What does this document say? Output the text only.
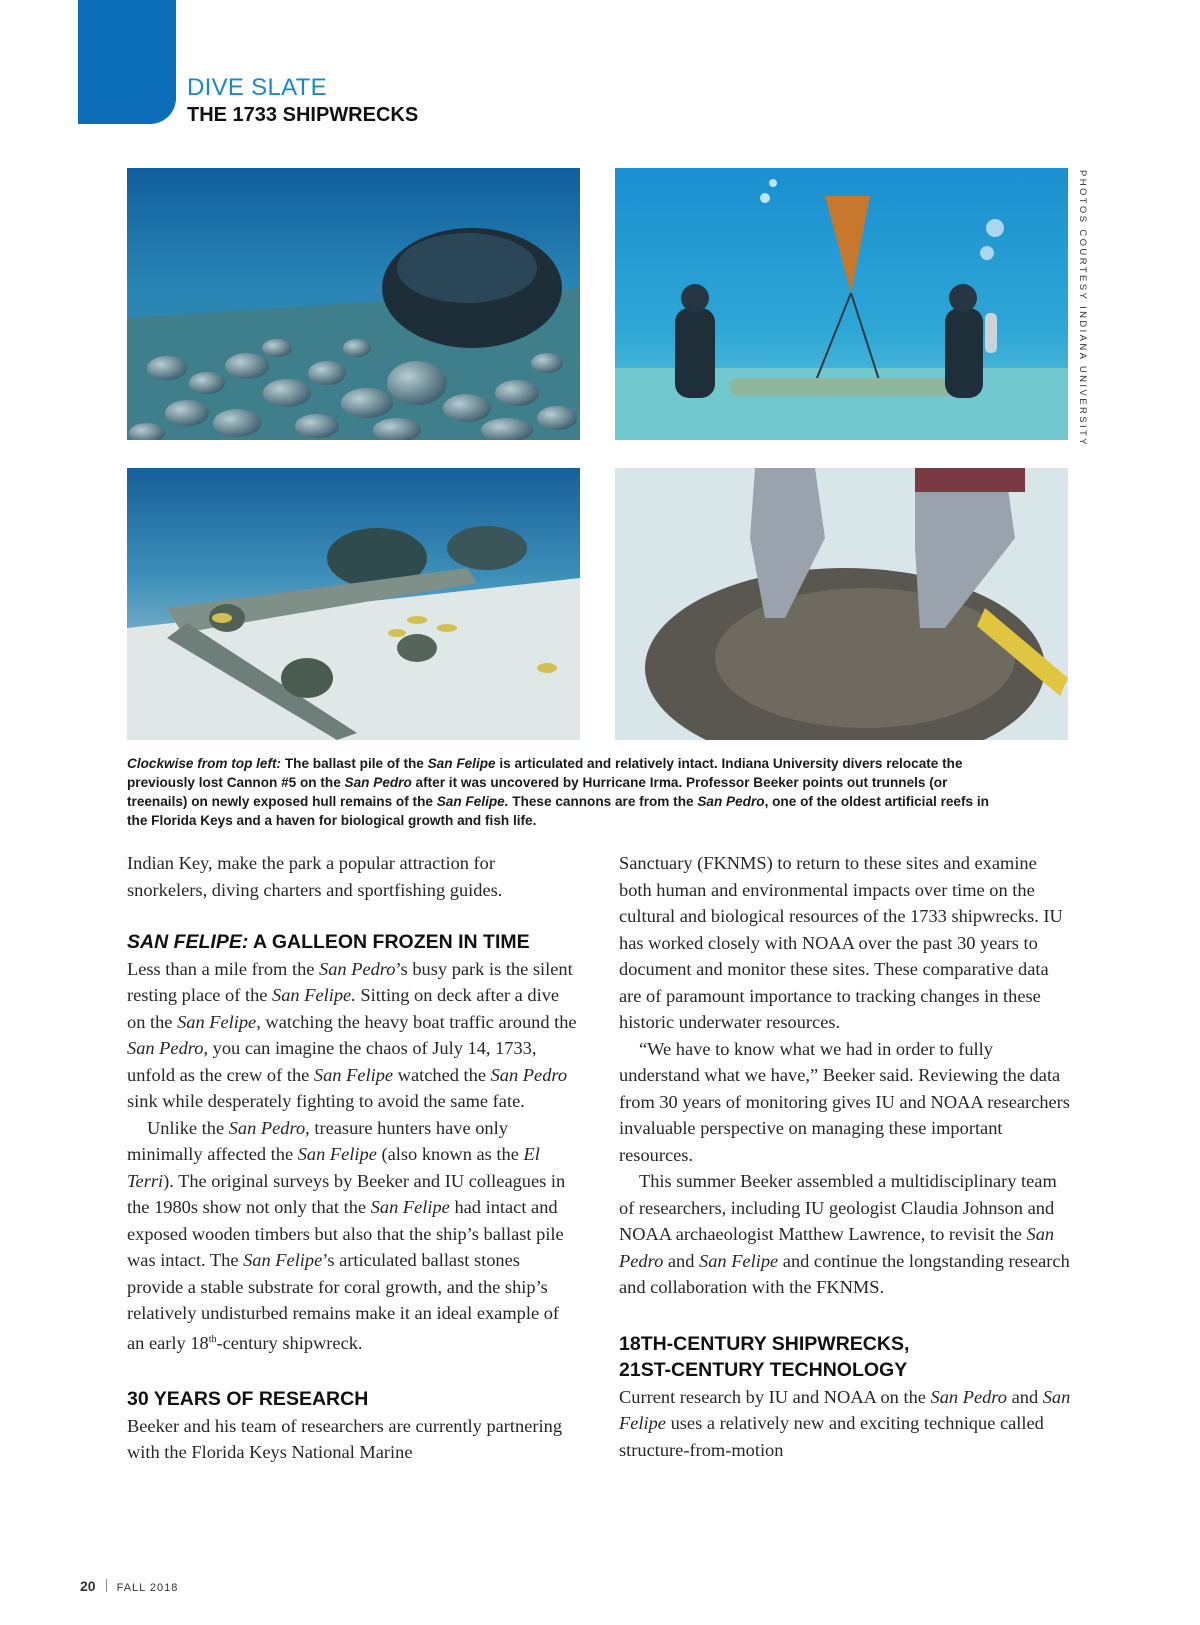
DIVE SLATE
THE 1733 SHIPWRECKS
PHOTOS COURTESY INDIANA UNIVERSITY

Clockwise from top left: The ballast pile of the San Felipe is articulated and relatively intact. Indiana University divers relocate the previously lost Cannon #5 on the San Pedro after it was uncovered by Hurricane Irma. Professor Beeker points out trunnels (or treenails) on newly exposed hull remains of the San Felipe. These cannons are from the San Pedro, one of the oldest artificial reefs in the Florida Keys and a haven for biological growth and fish life.

Indian Key, make the park a popular attraction for snorkelers, diving charters and sportfishing guides.

SAN FELIPE: A GALLEON FROZEN IN TIME

Less than a mile from the San Pedro’s busy park is the silent resting place of the San Felipe. Sitting on deck after a dive on the San Felipe, watching the heavy boat traffic around the San Pedro, you can imagine the chaos of July 14, 1733, unfold as the crew of the San Felipe watched the San Pedro sink while desperately fighting to avoid the same fate.

Unlike the San Pedro, treasure hunters have only minimally affected the San Felipe (also known as the El Terri). The original surveys by Beeker and IU colleagues in the 1980s show not only that the San Felipe had intact and exposed wooden timbers but also that the ship’s ballast pile was intact. The San Felipe’s articulated ballast stones provide a stable substrate for coral growth, and the ship’s relatively undisturbed remains make it an ideal example of an early 18th-century shipwreck.

30 YEARS OF RESEARCH

Beeker and his team of researchers are currently partnering with the Florida Keys National Marine

Sanctuary (FKNMS) to return to these sites and examine both human and environmental impacts over time on the cultural and biological resources of the 1733 shipwrecks. IU has worked closely with NOAA over the past 30 years to document and monitor these sites. These comparative data are of paramount importance to tracking changes in these historic underwater resources.

“We have to know what we had in order to fully understand what we have,” Beeker said. Reviewing the data from 30 years of monitoring gives IU and NOAA researchers invaluable perspective on managing these important resources.

This summer Beeker assembled a multidisciplinary team of researchers, including IU geologist Claudia Johnson and NOAA archaeologist Matthew Lawrence, to revisit the San Pedro and San Felipe and continue the longstanding research and collaboration with the FKNMS.

18TH-CENTURY SHIPWRECKS,
21ST-CENTURY TECHNOLOGY

Current research by IU and NOAA on the San Pedro and San Felipe uses a relatively new and exciting technique called structure-from-motion

20 FALL 2018
